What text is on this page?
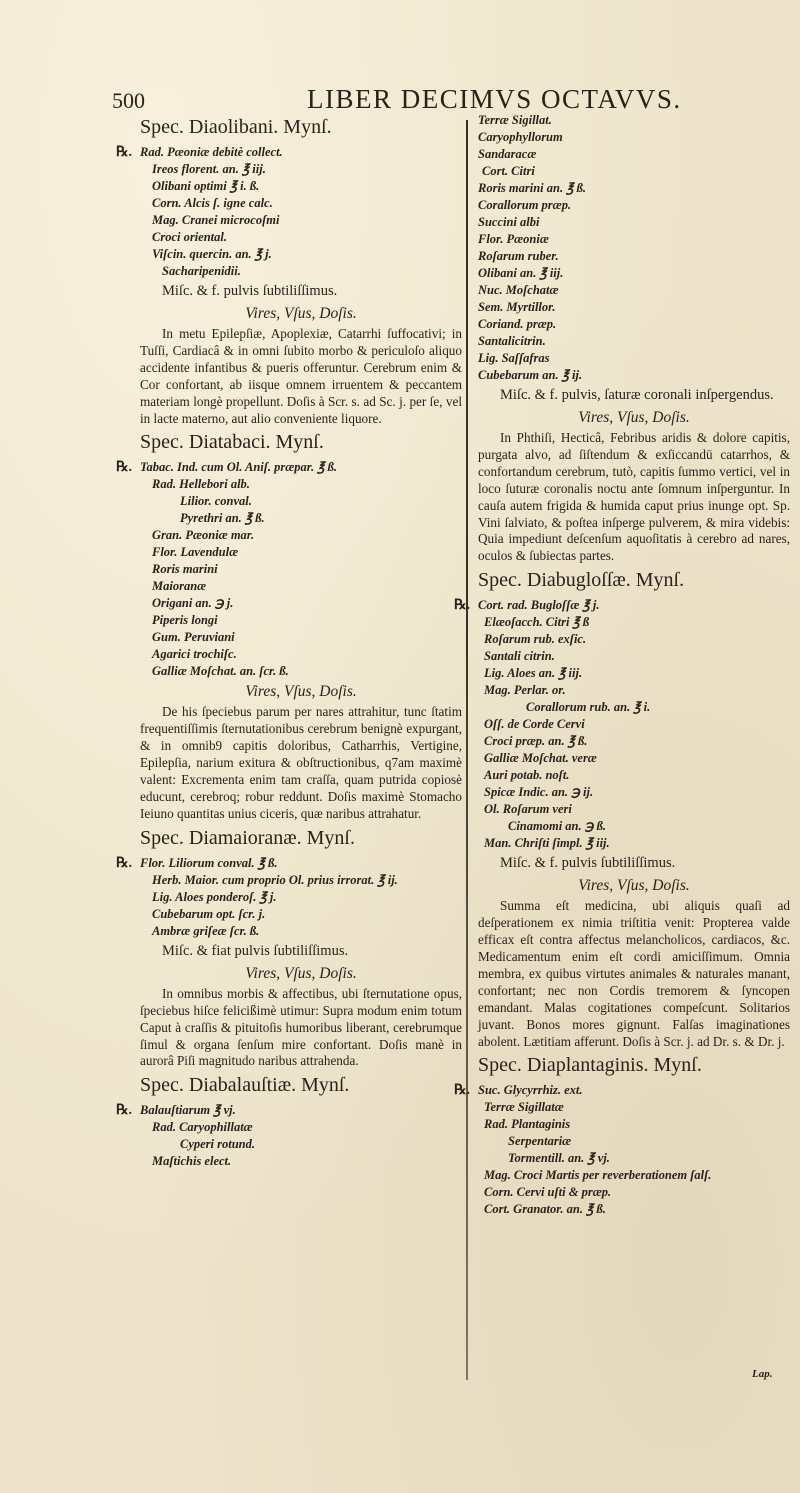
500	LIBER DECIMVS OCTAVVS.
Spec. Diaolibani. Mynſ.
℞. Rad. Pæoniæ debitè collect.
Ireos florent. an. ℥ iij.
Olibani optimi ℥ i. ß.
Corn. Alcis ſ. igne calc.
Mag. Cranei microcoſmi
Croci oriental.
Viſcin. quercin. an. ℥ j.
Sacharipenidii.
Miſc. & f. pulvis ſubtiliſſimus.
Vires, Vſus, Doſis.
In metu Epilepſiæ, Apoplexiæ, Catarrhi ſuffocativi; in Tuſſi, Cardiacâ & in omni ſubito morbo & periculoſo aliquo accidente infantibus & pueris offeruntur. Cerebrum enim & Cor confortant, ab iisque omnem irruentem & peccantem materiam longè propellunt. Doſis à Scr. s. ad Sc. j. per ſe, vel in lacte materno, aut alio conveniente liquore.
Spec. Diatabaci. Mynſ.
℞. Tabac. Ind. cum Ol. Aniſ. præpar. ℥ ß.
Rad. Hellebori alb.
Lilior. conval.
Pyrethri an. ℥ ß.
Gran. Pæoniæ mar.
Flor. Lavendulæ
Roris marini
Maioranæ
Origani an. ℈ j.
Piperis longi
Gum. Peruviani
Agarici trochiſc.
Galliæ Moſchat. an. ſcr. ß.
Vires, Vſus, Doſis.
De his ſpeciebus parum per nares attrahitur, tunc ſtatim frequentiſſimis ſternutationibus cerebrum benignè expurgant, & in omnib9 capitis doloribus, Catharrhis, Vertigine, Epilepſia, narium exitura & obſtructionibus, q7am maximè valent: Excrementa enim tam craſſa, quam putrida copiosè educunt, cerebroq; robur reddunt. Doſis maximè Stomacho Ieiuno quantitas unius ciceris, quæ naribus attrahatur.
Spec. Diamaioranæ. Mynſ.
℞. Flor. Liliorum conval. ℥ ß.
Herb. Maior. cum proprio Ol. prius irrorat. ℥ ij.
Lig. Aloes ponderoſ. ℥ j.
Cubebarum opt. ſcr. j.
Ambræ griſeæ ſcr. ß.
Miſc. & fiat pulvis ſubtiliſſimus.
Vires, Vſus, Doſis.
In omnibus morbis & affectibus, ubi ſternutatione opus, ſpeciebus hiſce felicißimè utimur: Supra modum enim totum Caput à craſſis & pituitoſis humoribus liberant, cerebrumque ſimul & organa ſenſum mire confortant. Doſis manè in aurorâ Piſi magnitudo naribus attrahenda.
Spec. Diabalauſtiæ. Mynſ.
℞. Balauſtiarum ℥ vj.
Rad. Caryophillatæ
Cyperi rotund.
Maſtichis elect.
Terræ Sigillat.
Caryophyllorum
Sandaracæ
Cort. Citri
Roris marini an. ℥ ß.
Corallorum præp.
Succini albi
Flor. Pæoniæ
Roſarum ruber.
Olibani an. ℥ iij.
Nuc. Moſchatæ
Sem. Myrtillor.
Coriand. præp.
Santalicitrin.
Lig. Saſſafras
Cubebarum an. ℥ ij.
Miſc. & f. pulvis, ſaturæ coronali inſpergendus.
Vires, Vſus, Doſis.
In Phthiſi, Hecticâ, Febribus aridis & dolore capitis, purgata alvo, ad ſiſtendum & exſiccandū catarrhos, & confortandum cerebrum, tutò, capitis ſummo vertici, vel in loco ſuturæ coronalis noctu ante ſomnum inſperguntur. In cauſa autem frigida & humida caput prius inunge opt. Sp. Vini ſalviato, & poſtea inſperge pulverem, & mira videbis: Quia impediunt deſcenſum aquoſitatis à cerebro ad nares, oculos & ſubiectas partes.
Spec. Diabugloſſæ. Mynſ.
℞. Cort. rad. Bugloſſæ ℥ j.
Elæoſacch. Citri ℥ ß
Roſarum rub. exſic.
Santali citrin.
Lig. Aloes an. ℥ iij.
Mag. Perlar. or.
Corallorum rub. an. ℥ i.
Oſſ. de Corde Cervi
Croci præp. an. ℥ ß.
Galliæ Moſchat. veræ
Auri potab. noſt.
Spicæ Indic. an. ℈ ij.
Ol. Roſarum veri
Cinamomi an. ℈ ß.
Man. Chriſti ſimpl. ℥ iij.
Miſc. & f. pulvis ſubtiliſſimus.
Vires, Vſus, Doſis.
Summa eſt medicina, ubi aliquis quaſi ad deſperationem ex nimia triſtitia venit: Propterea valde efficax eſt contra affectus melancholicos, cardiacos, &c. Medicamentum enim eſt cordi amiciſſimum. Omnia membra, ex quibus virtutes animales & naturales manant, confortant; nec non Cordis tremorem & ſyncopen emandant. Malas cogitationes compeſcunt. Solitarios juvant. Bonos mores gignunt. Falſas imaginationes abolent. Lætitiam afferunt. Doſis à Scr. j. ad Dr. s. & Dr. j.
Spec. Diaplantaginis. Mynſ.
℞. Suc. Glycyrrhiz. ext.
Terræ Sigillatæ
Rad. Plantaginis
Serpentariæ
Tormentill. an. ℥ vj.
Mag. Croci Martis per reverberationem ſalſ.
Corn. Cervi uſti & præp.
Cort. Granator. an. ℥ ß.
Lap.
